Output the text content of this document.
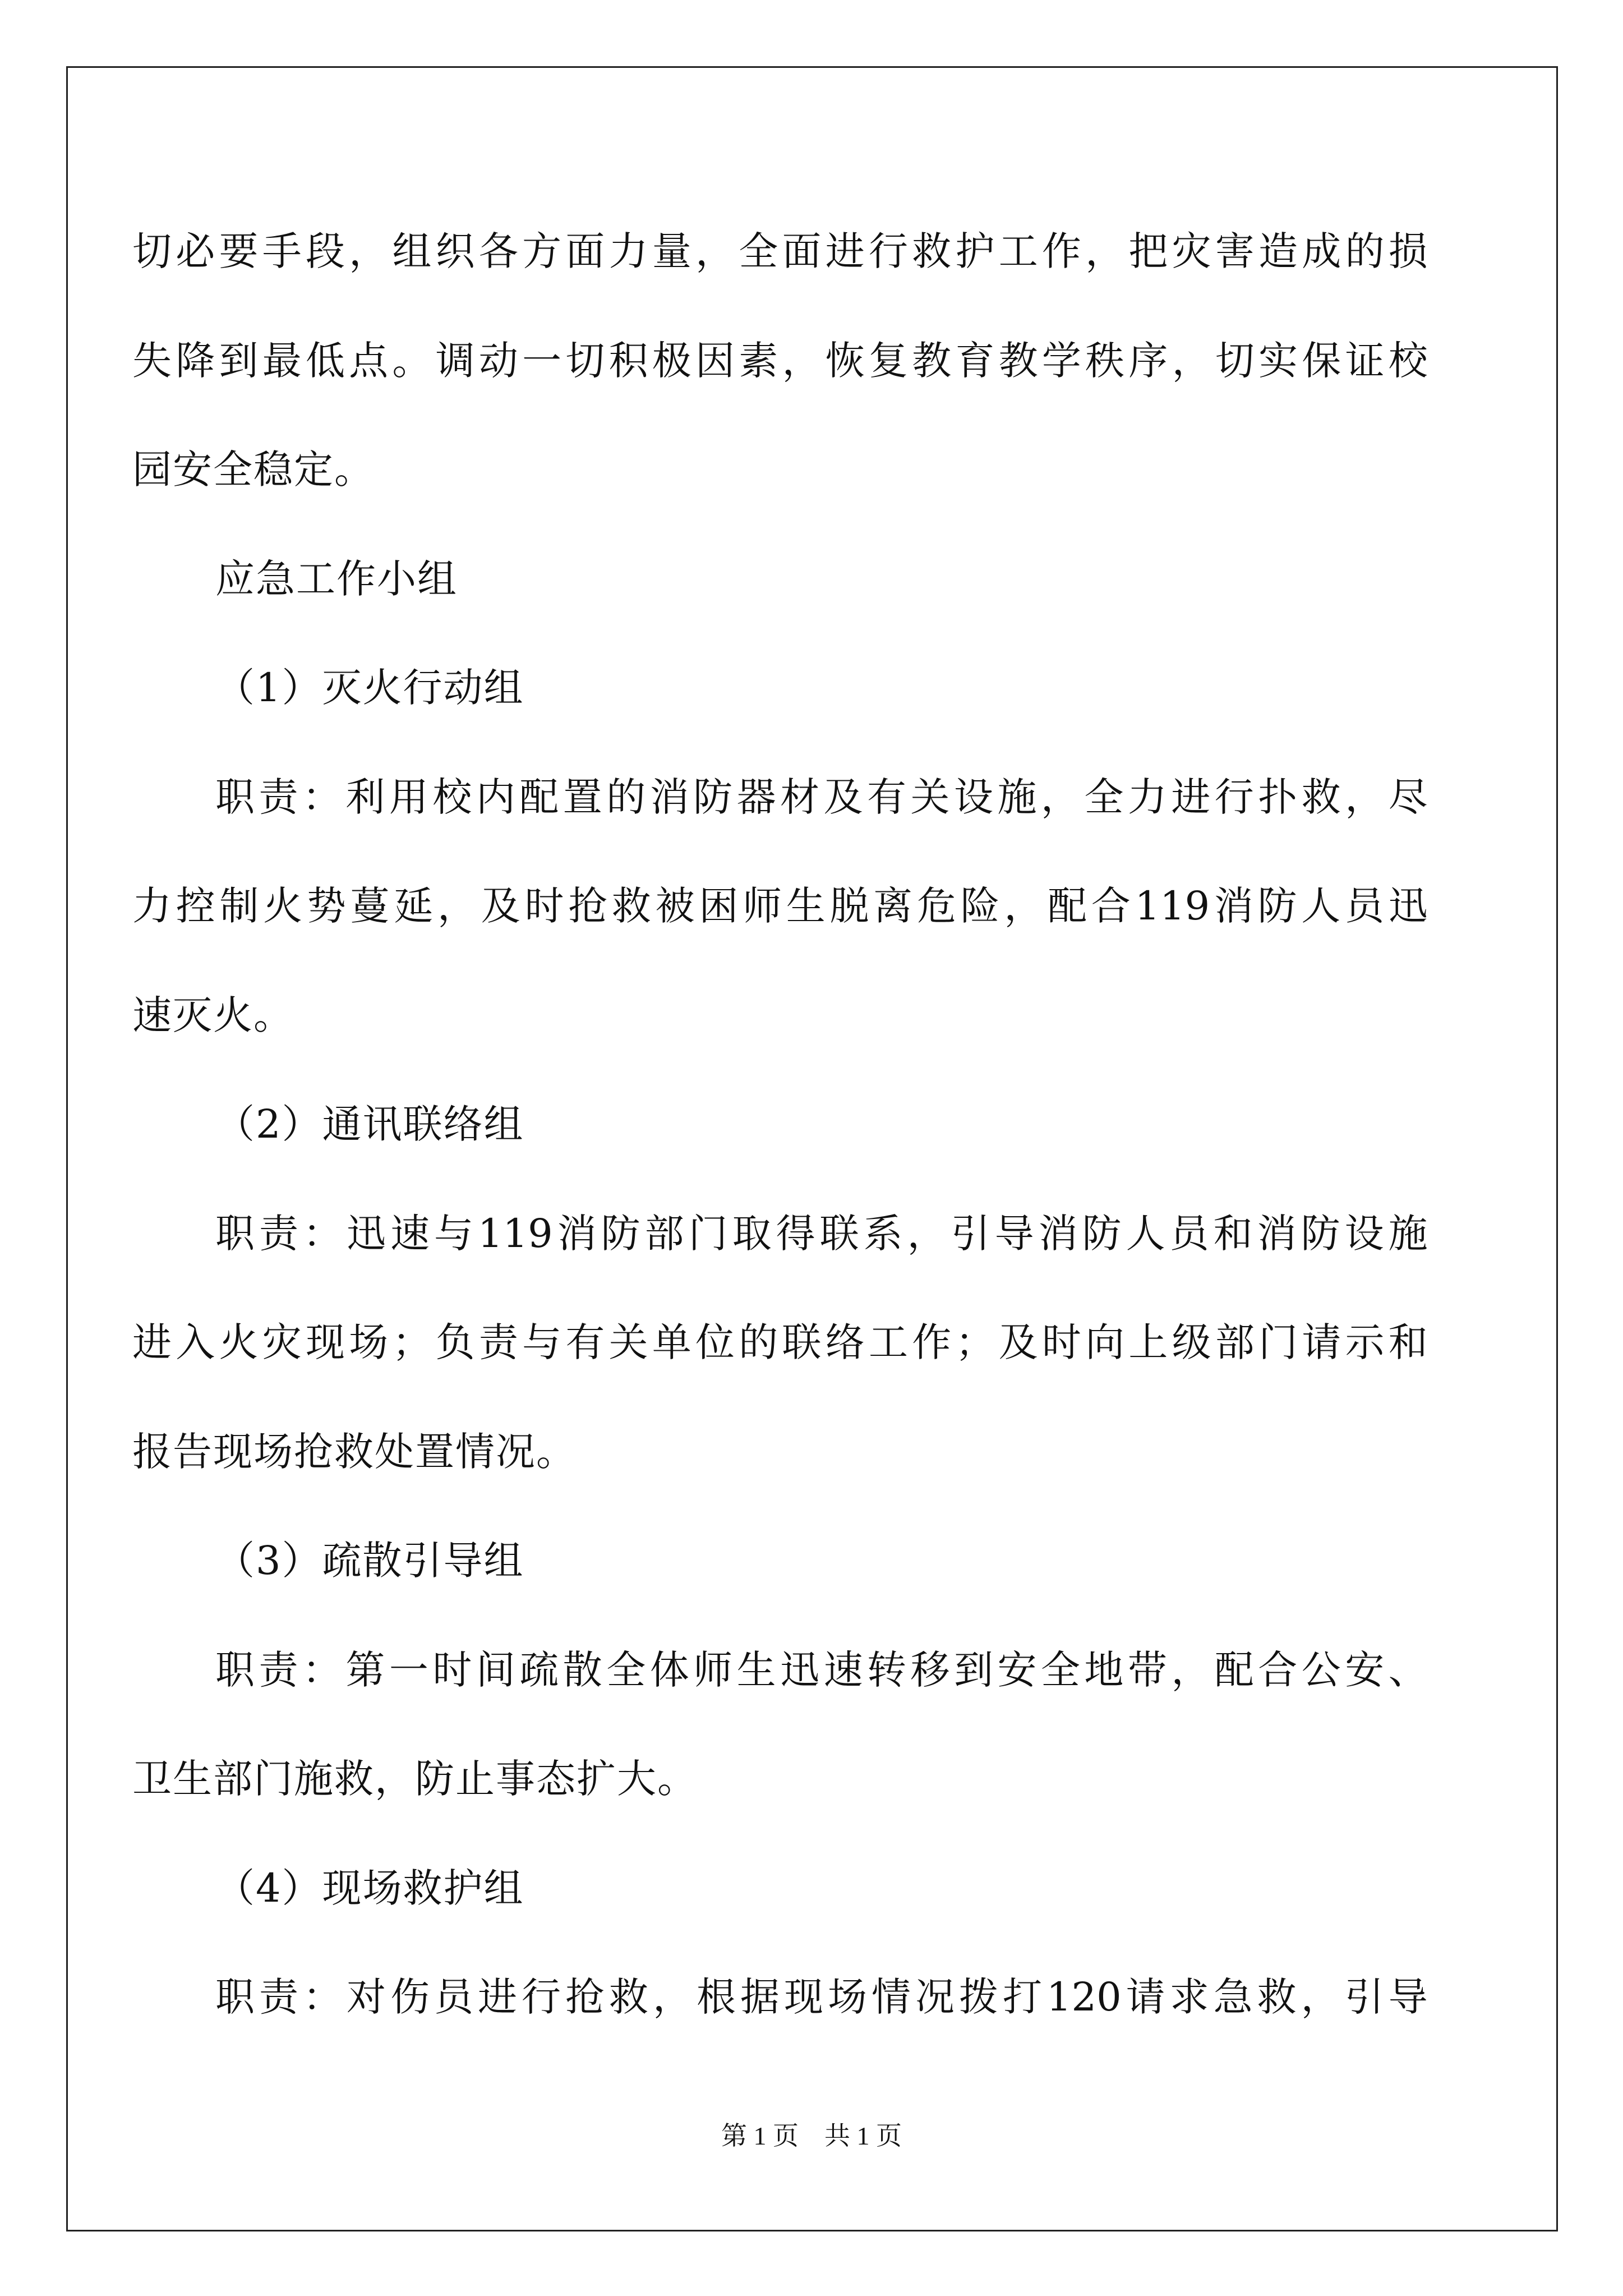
切 必 要 手 段 ， 组 织 各 方 面 力 量 ， 全 面 进 行 救 护 工 作 ， 把 灾 害 造 成 的 损
失 降 到 最 低 点 。 调 动 一 切 积 极 因 素 ， 恢 复 教 育 教 学 秩 序 ， 切 实 保 证 校
园安全稳定。
应急工作小组
（1）灭火行动组
职 责 ： 利 用 校 内 配 置 的 消 防 器 材 及 有 关 设 施 ， 全 力 进 行 扑 救 ， 尽
力 控 制 火 势 蔓 延 ， 及 时 抢 救 被 困 师 生 脱 离 危 险 ， 配 合 119 消 防 人 员 迅
速灭火。
（2）通讯联络组
职 责 ： 迅 速 与 119 消 防 部 门 取 得 联 系 ， 引 导 消 防 人 员 和 消 防 设 施
进 入 火 灾 现 场 ； 负 责 与 有 关 单 位 的 联 络 工 作 ； 及 时 向 上 级 部 门 请 示 和
报告现场抢救处置情况。
（3）疏散引导组
职 责 ： 第 一 时 间 疏 散 全 体 师 生 迅 速 转 移 到 安 全 地 带 ， 配 合 公 安 、
卫生部门施救，防止事态扩大。
（4）现场救护组
职 责 ： 对 伤 员 进 行 抢 救 ， 根 据 现 场 情 况 拨 打 120 请 求 急 救 ， 引 导
第 1 页 共 1 页
